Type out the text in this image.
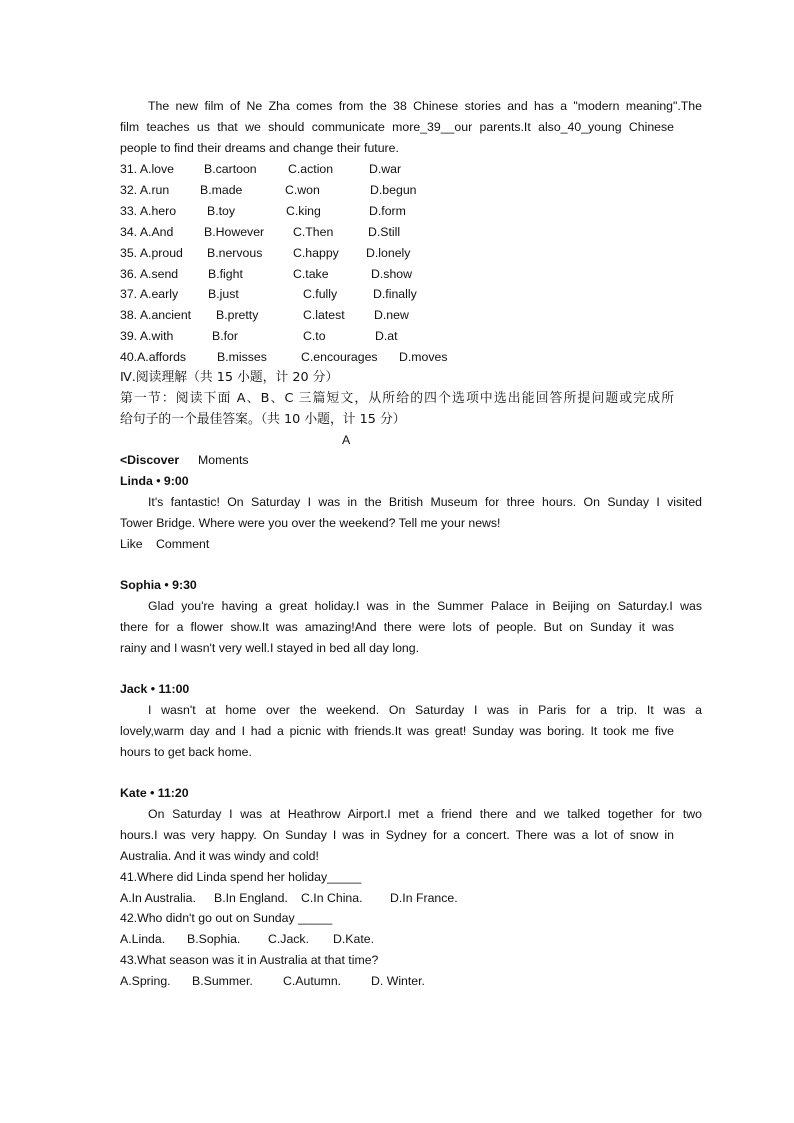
The new film of Ne Zha comes from the 38 Chinese stories and has a "modern meaning".The
film teaches us that we should communicate more_39__our parents.It also_40_young Chinese
people to find their dreams and change their future.
31. A.love B.cartoon	C.action	D.war
32. A.run	B.made	C.won	D.begun
33. A.hero	B.toy	C.king	D.form
34. A.And B.However C.Then	D.Still
35. A.proud B.nervous C.happy D.lonely
36. A.send B.fight	C.take	D.show
37. A.early B.just	C.fully	D.finally
38. A.ancient B.pretty	C.latest D.new
39. A.with	B.for	C.to	D.at
40.A.affords	B.misses	C.encourages D.moves
Ⅳ.阅读理解（共 15 小题，计 20 分）
第一节：阅读下面 A、B、C 三篇短文，从所给的四个选项中选出能回答所提问题或完成所
给句子的一个最佳答案。（共 10 小题，计 15 分）
A
<Discover Moments
Linda • 9:00
It's fantastic! On Saturday I was in the British Museum for three hours. On Sunday I visited
Tower Bridge. Where were you over the weekend? Tell me your news!
Like Comment
Sophia • 9:30
Glad you're having a great holiday.I was in the Summer Palace in Beijing on Saturday.I was
there for a flower show.It was amazing!And there were lots of people. But on Sunday it was
rainy and I wasn't very well.I stayed in bed all day long.
Jack • 11:00
I wasn't at home over the weekend. On Saturday I was in Paris for a trip. It was a
lovely,warm day and I had a picnic with friends.It was great! Sunday was boring. It took me five
hours to get back home.
Kate • 11:20
On Saturday I was at Heathrow Airport.I met a friend there and we talked together for two
hours.I was very happy. On Sunday I was in Sydney for a concert. There was a lot of snow in
Australia. And it was windy and cold!
41.Where did Linda spend her holiday_____
A.In Australia. B.In England. C.In China. D.In France.
42.Who didn't go out on Sunday _____
A.Linda. B.Sophia. C.Jack. D.Kate.
43.What season was it in Australia at that time?
A.Spring. B.Summer. C.Autumn. D. Winter.
